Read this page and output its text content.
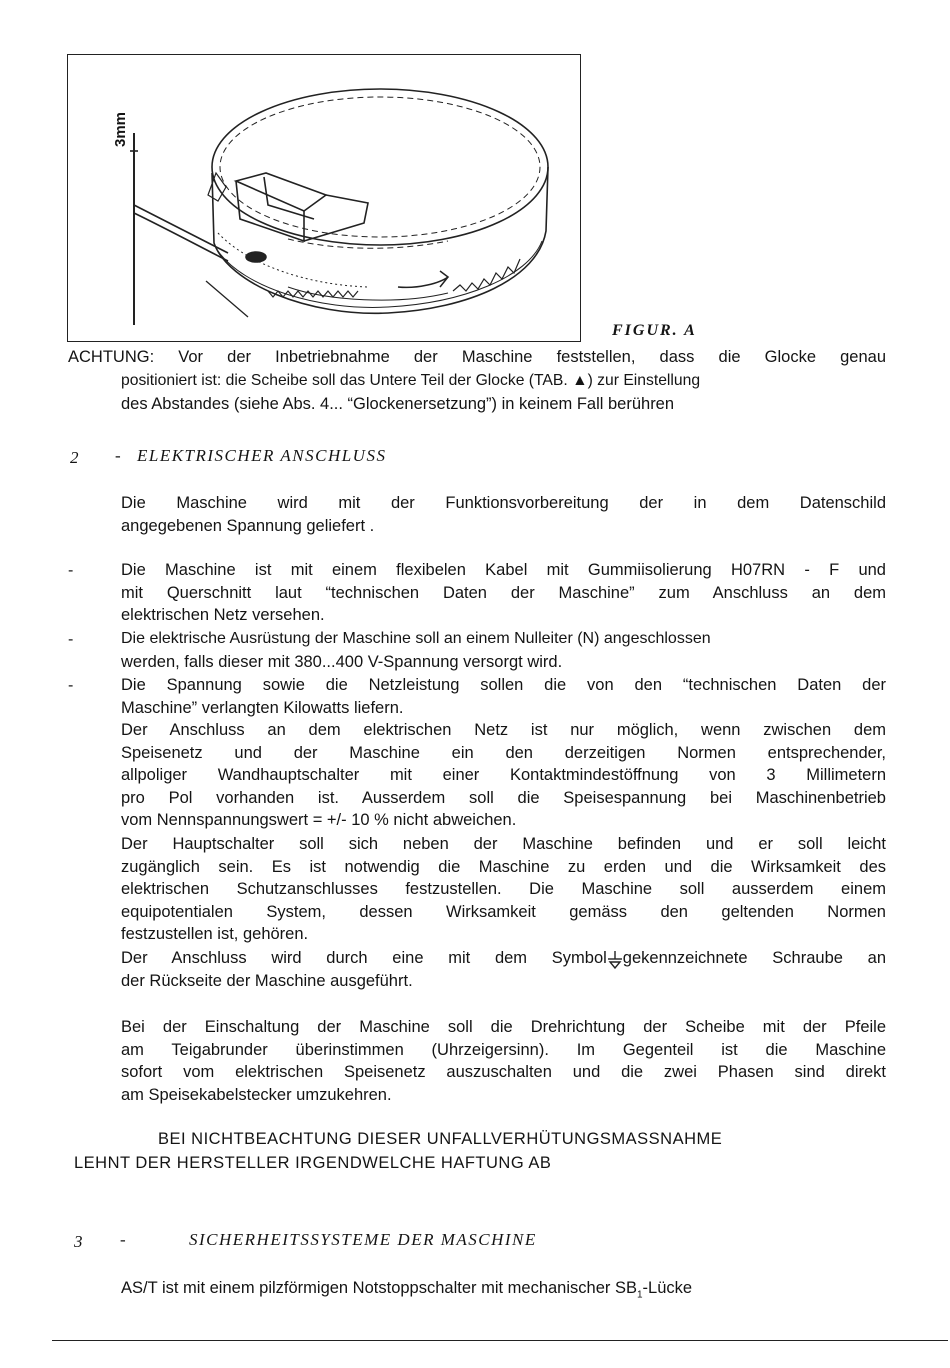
3mm
FIGUR. A
ACHTUNG: Vor der Inbetriebnahme der Maschine feststellen, dass die Glocke genau
positioniert ist: die Scheibe soll das Untere Teil der Glocke (TAB. ▲) zur Einstellung
des Abstandes (siehe Abs. 4... “Glockenersetzung”) in keinem Fall berühren
2 - ELEKTRISCHER ANSCHLUSS
Die Maschine wird mit der Funktionsvorbereitung der in dem Datenschild
angegebenen Spannung geliefert .
-	Die Maschine ist mit einem flexibelen Kabel mit Gummiisolierung H07RN - F und
mit Querschnitt laut “technischen Daten der Maschine” zum Anschluss an dem
elektrischen Netz versehen.
-	Die elektrische Ausrüstung der Maschine soll an einem Nulleiter (N) angeschlossen
werden, falls dieser mit 380...400 V-Spannung versorgt wird.
-	Die Spannung sowie die Netzleistung sollen die von den “technischen Daten der
Maschine” verlangten Kilowatts liefern.
Der Anschluss an dem elektrischen Netz ist nur möglich, wenn zwischen dem
Speisenetz und der Maschine ein den derzeitigen Normen entsprechender,
allpoliger Wandhauptschalter mit einer Kontaktmindestöffnung von 3 Millimetern
pro Pol vorhanden ist. Ausserdem soll die Speisespannung bei Maschinenbetrieb
vom Nennspannungswert = +/- 10 % nicht abweichen.
Der Hauptschalter soll sich neben der Maschine befinden und er soll leicht
zugänglich sein. Es ist notwendig die Maschine zu erden und die Wirksamkeit des
elektrischen Schutzanschlusses festzustellen. Die Maschine soll ausserdem einem
equipotentialen System, dessen Wirksamkeit gemäss den geltenden Normen
festzustellen ist, gehören.
Der Anschluss wird durch eine mit dem Symbol gekennzeichnete Schraube an
der Rückseite der Maschine ausgeführt.
Bei der Einschaltung der Maschine soll die Drehrichtung der Scheibe mit der Pfeile
am Teigabrunder überinstimmen (Uhrzeigersinn). Im Gegenteil ist die Maschine
sofort vom elektrischen Speisenetz auszuschalten und die zwei Phasen sind direkt
am Speisekabelstecker umzukehren.
BEI NICHTBEACHTUNG DIESER UNFALLVERHÜTUNGSMASSNAHME
LEHNT DER HERSTELLER IRGENDWELCHE HAFTUNG AB
3 -	SICHERHEITSSYSTEME DER MASCHINE
AS/T ist mit einem pilzförmigen Notstoppschalter mit mechanischer $SB_1$-Lücke
